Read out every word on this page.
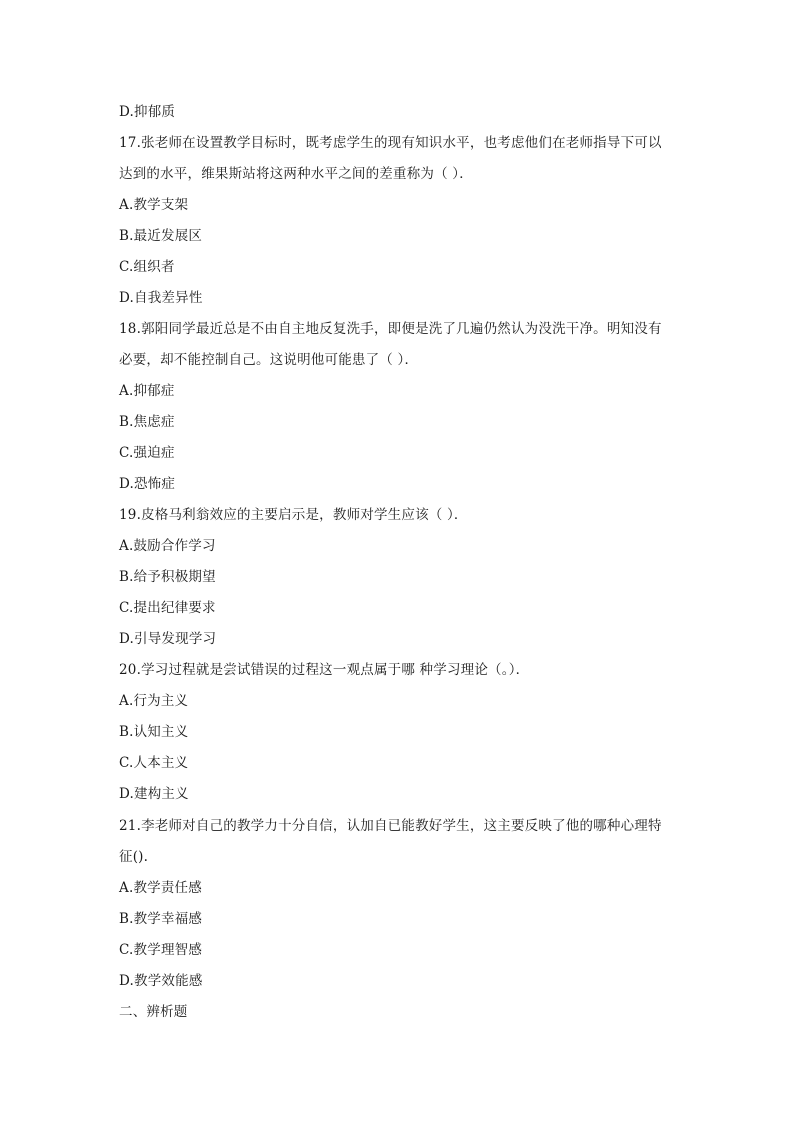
D.抑郁质
17.张老师在设置教学目标时，既考虑学生的现有知识水平，也考虑他们在老师指导下可以
达到的水平，维果斯站将这两种水平之间的差重称为（ ）．
A.教学支架
B.最近发展区
C.组织者
D.自我差异性
18.郭阳同学最近总是不由自主地反复洗手，即便是洗了几遍仍然认为没洗干净。明知没有
必要，却不能控制自己。这说明他可能患了（ ）．
A.抑郁症
B.焦虑症
C.强迫症
D.恐怖症
19.皮格马利翁效应的主要启示是，教师对学生应该（ ）．
A.鼓励合作学习
B.给予积极期望
C.提出纪律要求
D.引导发现学习
20.学习过程就是尝试错误的过程这一观点属于哪 种学习理论（。）．
A.行为主义
B.认知主义
C.人本主义
D.建构主义
21.李老师对自己的教学力十分自信，认加自已能教好学生，这主要反映了他的哪种心理特
征().
A.教学责任感
B.教学幸福感
C.教学理智感
D.教学效能感
二、辨析题
